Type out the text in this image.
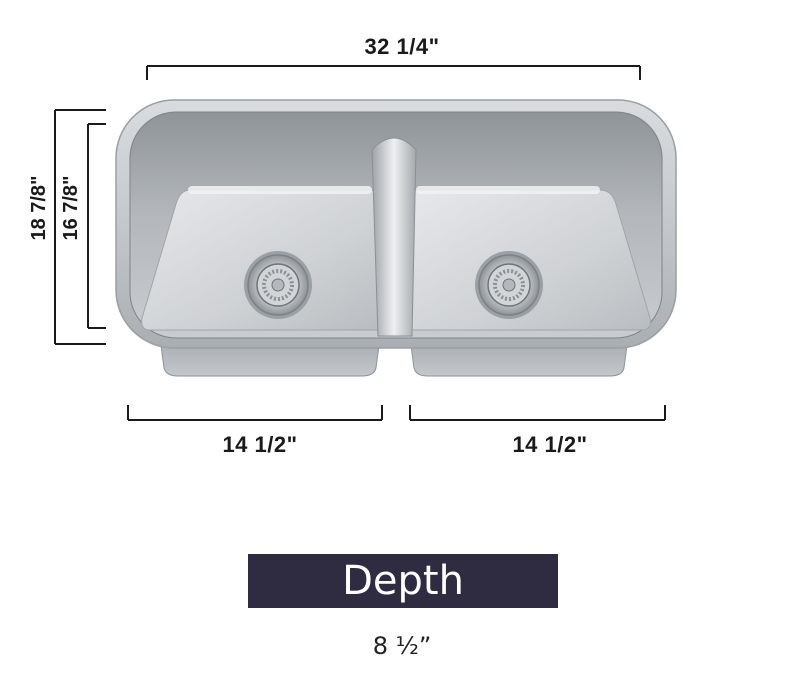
32 1/4"
18 7/8" 16 7/8"
14 1/2"	14 1/2"
Depth
8 ½”
